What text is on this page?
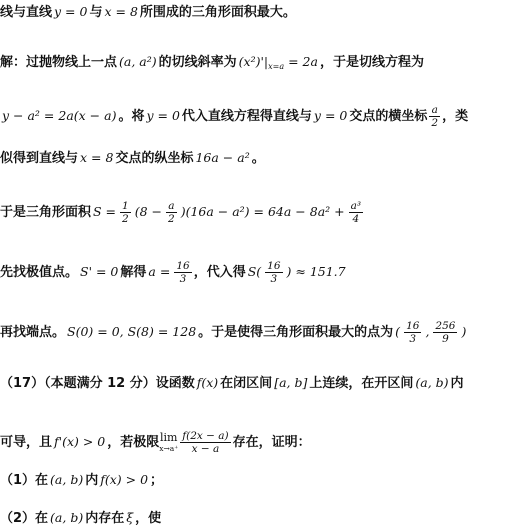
线与直线 y = 0 与 x = 8 所围成的三角形面积最大。
解：过抛物线上一点 (a, a²) 的切线斜率为 $(x^2)'|_{x=a} = 2a$ ，于是切线方程为
y − a² = 2a(x − a) 。将 y = 0 代入直线方程得直线与 y = 0 交点的横坐标 $\frac{a}{2}$ ，类
似得到直线与 x = 8 交点的纵坐标 16a − a² 。
于是三角形面积 $S = \frac{1}{2} (8 - \frac{a}{2} )(16a - a^2) = 64a - 8a^2 + \frac{\text{a³}}{4}$
先找极值点。 S' = 0 解得 $a = \frac{16}{3}$ ，代入得 $S( \frac{16}{3}$ ) ≈ 151.7
再找端点。 S(0) = 0, S(8) = 128 。于是使得三角形面积最大的点为 ( $\frac{16}{3}$ , $\frac{256}{9}$ )
（17）（本题满分 12 分）设函数 f(x) 在闭区间 [a, b] 上连续，在开区间 (a, b) 内
可导，且 f'(x) > 0 ，若极限 lim
$x\to a^+ \frac{f(2x - a)}{x - a}$ 存在，证明：
（1）在 (a, b) 内 f(x) > 0 ；
（2）在 (a, b) 内存在 ξ ，使
